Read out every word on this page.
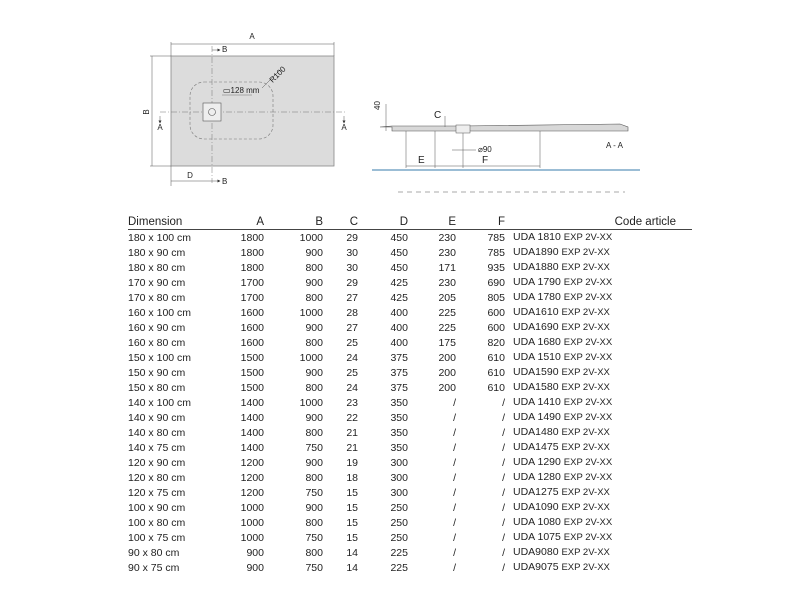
A
B
▭128 mm
R100
B
B
A	A
D
40
C
E	F
⌀90	A - A
Dimension	A	B	C	D	E	F	Code article
180 x 100 cm	1800	1000	29	450	230	785	UDA 1810 EXP 2V-XX
180 x 90 cm	1800	900	30	450	230	785	UDA1890 EXP 2V-XX
180 x 80 cm	1800	800	30	450	171	935	UDA1880 EXP 2V-XX
170 x 90 cm	1700	900	29	425	230	690	UDA 1790 EXP 2V-XX
170 x 80 cm	1700	800	27	425	205	805	UDA 1780 EXP 2V-XX
160 x 100 cm	1600	1000	28	400	225	600	UDA1610 EXP 2V-XX
160 x 90 cm	1600	900	27	400	225	600	UDA1690 EXP 2V-XX
160 x 80 cm	1600	800	25	400	175	820	UDA 1680 EXP 2V-XX
150 x 100 cm	1500	1000	24	375	200	610	UDA 1510 EXP 2V-XX
150 x 90 cm	1500	900	25	375	200	610	UDA1590 EXP 2V-XX
150 x 80 cm	1500	800	24	375	200	610	UDA1580 EXP 2V-XX
140 x 100 cm	1400	1000	23	350	/	/	UDA 1410 EXP 2V-XX
140 x 90 cm	1400	900	22	350	/	/	UDA 1490 EXP 2V-XX
140 x 80 cm	1400	800	21	350	/	/	UDA1480 EXP 2V-XX
140 x 75 cm	1400	750	21	350	/	/	UDA1475 EXP 2V-XX
120 x 90 cm	1200	900	19	300	/	/	UDA 1290 EXP 2V-XX
120 x 80 cm	1200	800	18	300	/	/	UDA 1280 EXP 2V-XX
120 x 75 cm	1200	750	15	300	/	/	UDA1275 EXP 2V-XX
100 x 90 cm	1000	900	15	250	/	/	UDA1090 EXP 2V-XX
100 x 80 cm	1000	800	15	250	/	/	UDA 1080 EXP 2V-XX
100 x 75 cm	1000	750	15	250	/	/	UDA 1075 EXP 2V-XX
90 x 80 cm	900	800	14	225	/	/	UDA9080 EXP 2V-XX
90 x 75 cm	900	750	14	225	/	/	UDA9075 EXP 2V-XX
